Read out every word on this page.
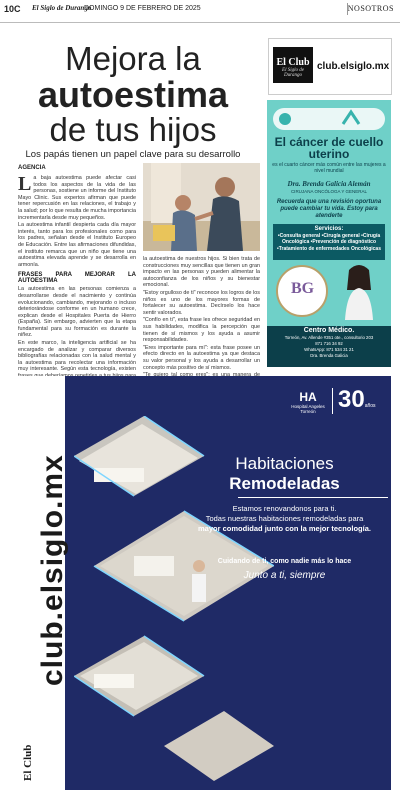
10C El Siglo de Durango
DOMINGO 9 DE FEBRERO DE 2025	NOSOTROS
Mejora la
autoestima
de tus hijos
Los papás tienen un papel clave para su desarrollo
AGENCIA

La baja autoestima puede afectar casi todos los aspectos de la vida de las personas, sostiene un informe del Instituto Mayo Clinic. Sus expertos afirman que puede tener repercusión en las relaciones, el trabajo y la salud; por lo que resulta de mucha importancia incrementarla desde muy pequeños.

La autoestima infantil despierta cada día mayor interés, tanto para los profesionales como para los padres, señalan desde el Instituto Europeo de Educación. Entre las afirmaciones difundidas, el instituto remarca que un niño que tiene una autoestima elevada aprende y se desarrolla en armonía.

FRASES PARA MEJORAR LA AUTOESTIMA

La autoestima en las personas comienza a desarrollarse desde el nacimiento y continúa evolucionando, cambiando, mejorando o incluso deteriorándose conforme en un humano crece, explican desde el Hospitales Puerta de Hierro (España). Sin embargo, advierten que la etapa fundamental para su formación es durante la niñez.

En este marco, la inteligencia artificial se ha encargado de analizar y comparar diversos bibliografías relacionadas con la salud mental y la autoestima para recolectar una información muy interesante. Según esta tecnología, existen

la autoestima de nuestros hijos. Si bien trata de construcciones muy sencillas que tienen un gran impacto en las personas y pueden alimentar la autoconfianza de los niños y su bienestar emocional.

"Estoy orgulloso de ti" reconoce los logros de los niños es uno de los mayores formas de fortalecer su autoestima. Decírselo los hace sentir valorados.

"Confío en ti", esta frase les ofrece seguridad en sus habilidades, modifica la percepción que tienen de sí mismos y los ayuda a asumir responsabilidades.

"Eres importante para mí": esta frase posee un efecto directo en la autoestima ya que destaca su valor personal y los ayuda a desarrollar un concepto más positivo de sí mismos.

El Club
El Siglo de Durango
club.elsiglo.mx
El cáncer de cuello uterino
es el cuarto cáncer más común entre las mujeres a nivel mundial
Dra. Brenda Galicia Alemán
CIRUJANA ONCÓLOGA Y GENERAL
Recuerda que una revisión oportuna puede cambiar tu vida. Estoy para atenderte
Servicios:
•Consulta general •Cirugía general •Cirugía Oncológica •Prevención de diagnóstico •Tratamiento de enfermedades Oncológicas
BG
Centro Médico.
Torreón, Av. Allende #351 ote., consultorio 203
871 716 34 92
WhatsApp: 871 534 31 21
Dra. Brenda Galicia
club.elsiglo.mx
El Club
HA
Hospital Angeles
Torreón 30años
Habitaciones
Remodeladas
Estamos renovandonos para ti.
Todas nuestras habitaciones remodeladas para
mayor comodidad junto con la mejor tecnología.
Cuidando de ti, como nadie más lo hace
Junto a ti, siempre
